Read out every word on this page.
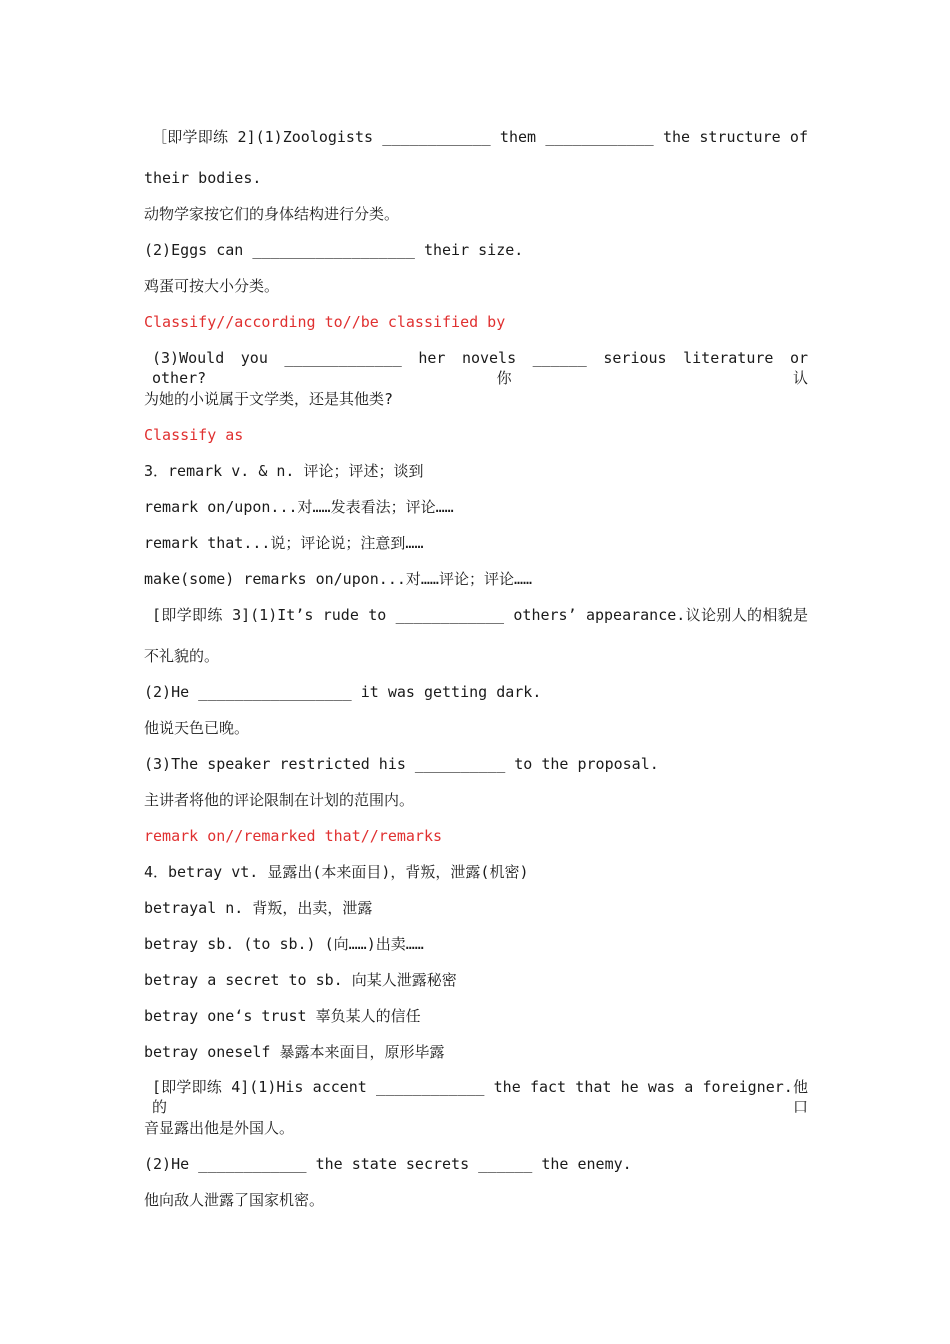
［即学即练 2](1)Zoologists ____________ them ____________ the structure of
their bodies.
动物学家按它们的身体结构进行分类。
(2)Eggs can __________________ their size.
鸡蛋可按大小分类。
Classify//according to//be classified by
(3)Would you _____________ her novels ______ serious literature or other? 你认
为她的小说属于文学类，还是其他类?
Classify as
3．remark v. & n. 评论；评述；谈到
remark on/upon...对……发表看法；评论……
remark that...说；评论说；注意到……
make(some) remarks on/upon...对……评论；评论……
[即学即练 3](1)It’s rude to ____________ others’ appearance.议论别人的相貌是
不礼貌的。
(2)He _________________ it was getting dark.
他说天色已晚。
(3)The speaker restricted his __________ to the proposal.
主讲者将他的评论限制在计划的范围内。
remark on//remarked that//remarks
4．betray vt. 显露出(本来面目)，背叛，泄露(机密)
betrayal n. 背叛，出卖，泄露
betray sb. (to sb.) (向……)出卖……
betray a secret to sb. 向某人泄露秘密
betray one‘s trust 辜负某人的信任
betray oneself 暴露本来面目，原形毕露
[即学即练 4](1)His accent ____________ the fact that he was a foreigner.他的口
音显露出他是外国人。
(2)He ____________ the state secrets ______ the enemy.
他向敌人泄露了国家机密。
